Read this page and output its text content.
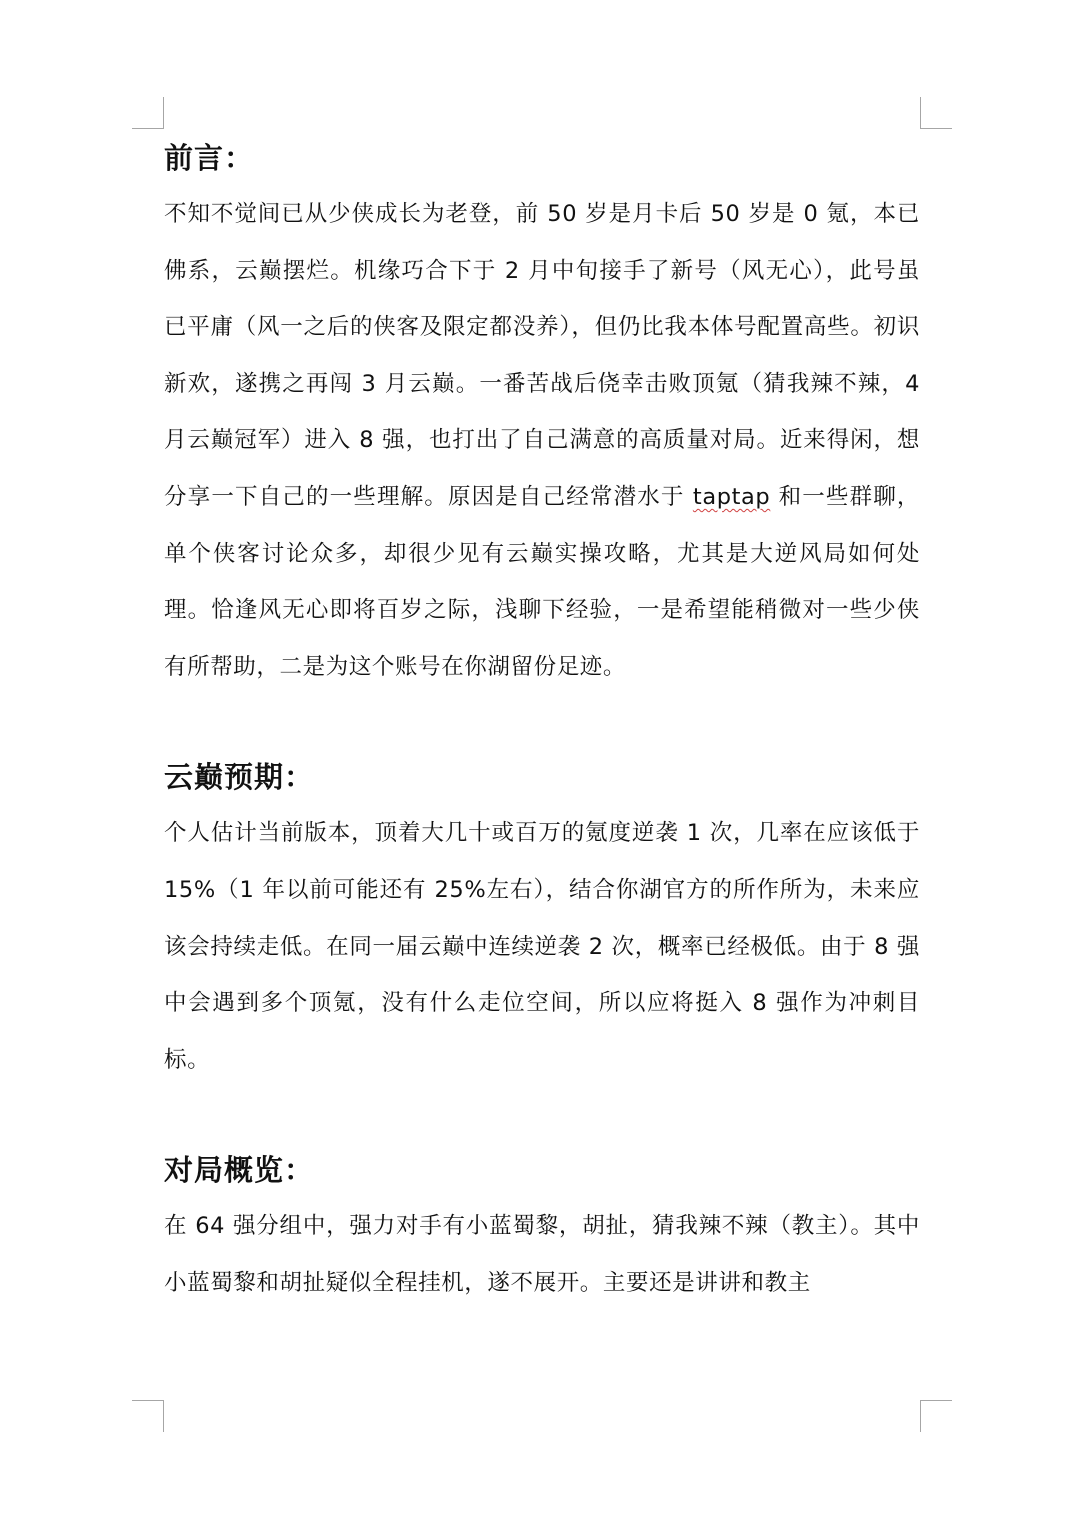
前言：

不知不觉间已从少侠成长为老登，前 50 岁是月卡后 50 岁是 0 氪，本已佛系，云巅摆烂。机缘巧合下于 2 月中旬接手了新号（风无心），此号虽已平庸（风一之后的侠客及限定都没养），但仍比我本体号配置高些。初识新欢，遂携之再闯 3 月云巅。一番苦战后侥幸击败顶氪（猜我辣不辣，4 月云巅冠军）进入 8 强，也打出了自己满意的高质量对局。近来得闲，想分享一下自己的一些理解。原因是自己经常潜水于 taptap 和一些群聊，单个侠客讨论众多，却很少见有云巅实操攻略，尤其是大逆风局如何处理。恰逢风无心即将百岁之际，浅聊下经验，一是希望能稍微对一些少侠有所帮助，二是为这个账号在你湖留份足迹。

云巅预期：

个人估计当前版本，顶着大几十或百万的氪度逆袭 1 次，几率在应该低于 15%（1 年以前可能还有 25%左右），结合你湖官方的所作所为，未来应该会持续走低。在同一届云巅中连续逆袭 2 次，概率已经极低。由于 8 强中会遇到多个顶氪，没有什么走位空间，所以应将挺入 8 强作为冲刺目标。

对局概览：

在 64 强分组中，强力对手有小蓝蜀黎，胡扯，猜我辣不辣（教主）。其中小蓝蜀黎和胡扯疑似全程挂机，遂不展开。主要还是讲讲和教主
